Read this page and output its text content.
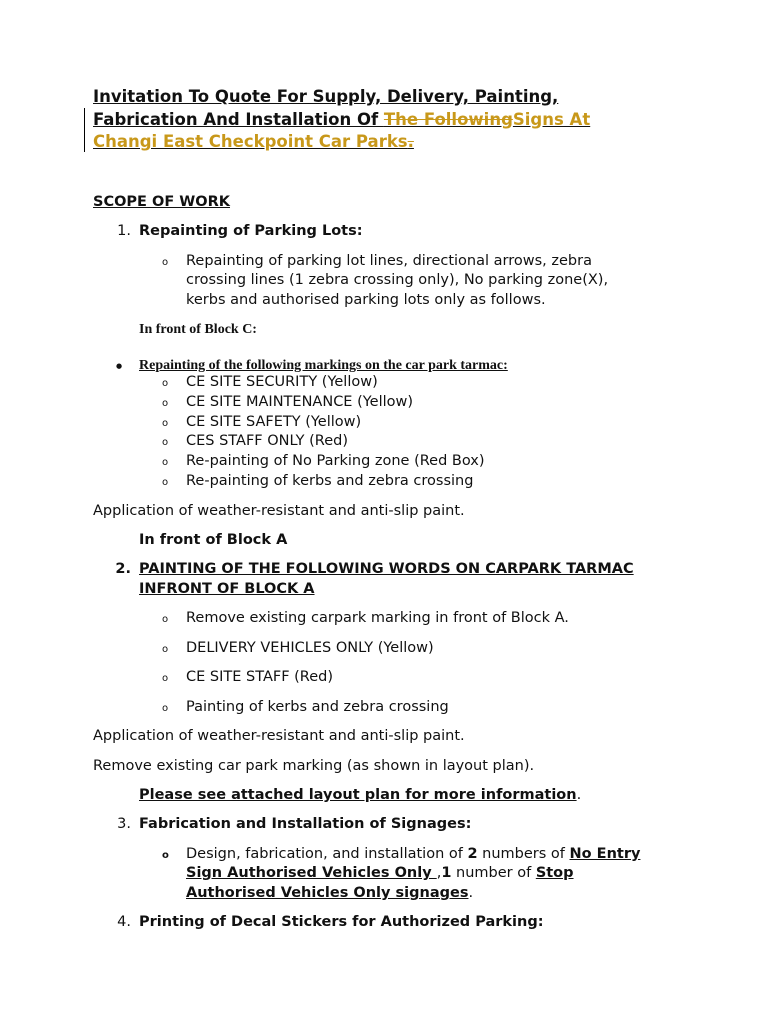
Invitation To Quote For Supply, Delivery, Painting,
Fabrication And Installation Of The FollowingSigns At
Changi East Checkpoint Car Parks.
SCOPE OF WORK
1. Repainting of Parking Lots:
o
Repainting of parking lot lines, directional arrows, zebra
crossing lines (1 zebra crossing only), No parking zone(X),
kerbs and authorised parking lots only as follows.
In front of Block C:
●
Repainting of the following markings on the car park tarmac:
o
CE SITE SECURITY (Yellow)
o
CE SITE MAINTENANCE (Yellow)
o
CE SITE SAFETY (Yellow)
o
CES STAFF ONLY (Red)
o
Re-painting of No Parking zone (Red Box)
o
Re-painting of kerbs and zebra crossing
Application of weather-resistant and anti-slip paint.
In front of Block A
2. PAINTING OF THE FOLLOWING WORDS ON CARPARK TARMAC
INFRONT OF BLOCK A
o
Remove existing carpark marking in front of Block A.
o
DELIVERY VEHICLES ONLY (Yellow)
o
CE SITE STAFF (Red)
o
Painting of kerbs and zebra crossing
Application of weather-resistant and anti-slip paint.
Remove existing car park marking (as shown in layout plan).
Please see attached layout plan for more information.
3. Fabrication and Installation of Signages:
o
Design, fabrication, and installation of 2 numbers of No Entry
Sign Authorised Vehicles Only ,1 number of Stop
Authorised Vehicles Only signages.
4. Printing of Decal Stickers for Authorized Parking:
